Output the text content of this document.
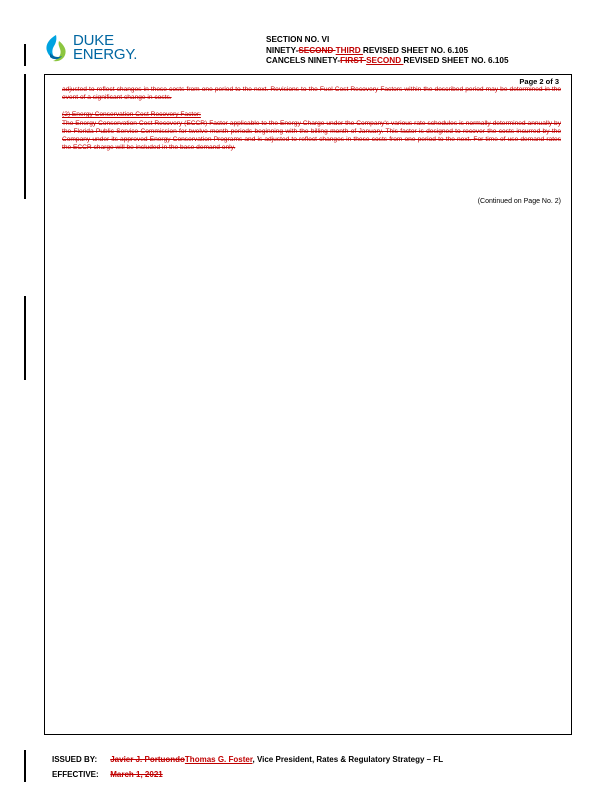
DUKE
ENERGY.
SECTION NO. VI
NINETY-SECOND THIRD REVISED SHEET NO. 6.105
CANCELS NINETY-FIRST SECOND REVISED SHEET NO. 6.105
Page 2 of 3
adjusted to reflect changes in these costs from one period to the next. Revisions to the Fuel Cost Recovery Factors within the described period may be determined in the event of a significant change in costs.
(2) Energy Conservation Cost Recovery Factor:
The Energy Conservation Cost Recovery (ECCR) Factor applicable to the Energy Charge under the Company's various rate schedules is normally determined annually by the Florida Public Service Commission for twelve-month periods beginning with the billing month of January. This factor is designed to recover the costs incurred by the Company under its approved Energy Conservation Programs and is adjusted to reflect changes in these costs from one period to the next. For time of use demand rates the ECCR charge will be included in the base demand only.
(Continued on Page No. 2)
ISSUED BY: Javier J. PortuondoThomas G. Foster, Vice President, Rates & Regulatory Strategy – FL
EFFECTIVE: March 1, 2021
